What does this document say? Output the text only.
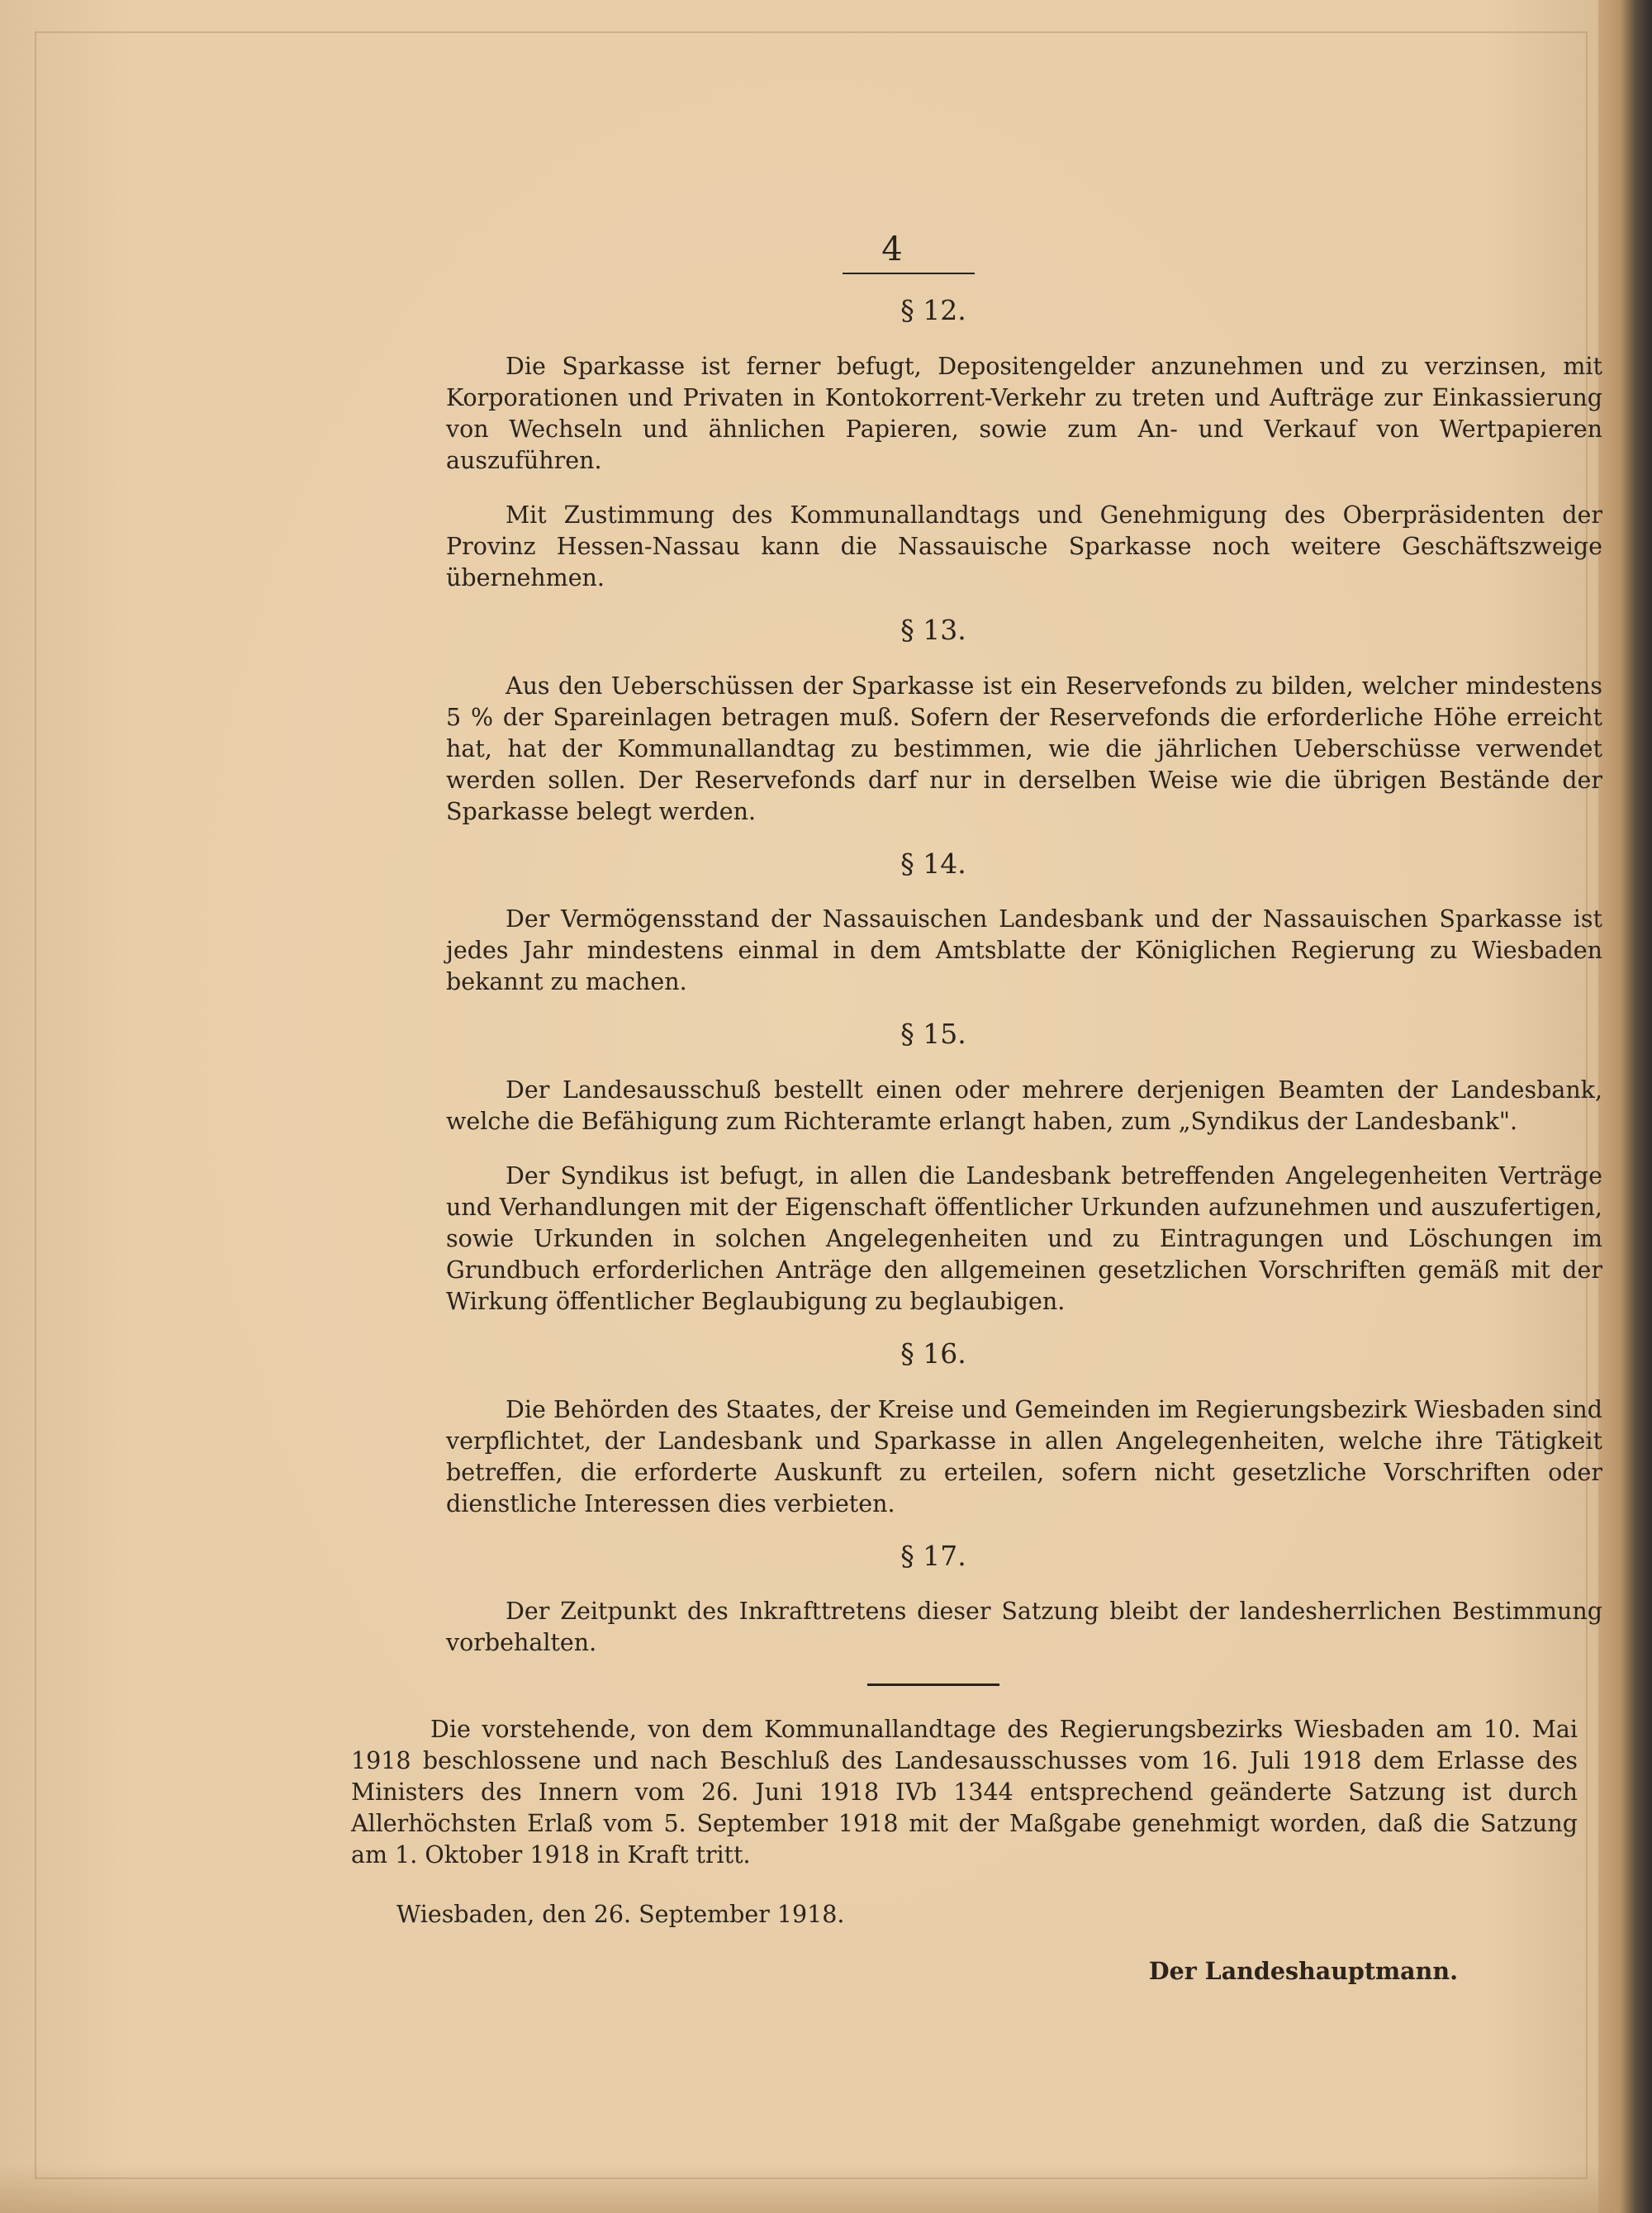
4
§ 12.

Die Sparkasse ist ferner befugt, Depositengelder anzunehmen und zu verzinsen, mit Korporationen und Privaten in Kontokorrent-Verkehr zu treten und Aufträge zur Einkassierung von Wechseln und ähnlichen Papieren, sowie zum An- und Verkauf von Wertpapieren auszuführen.

Mit Zustimmung des Kommunallandtags und Genehmigung des Oberpräsidenten der Provinz Hessen-Nassau kann die Nassauische Sparkasse noch weitere Geschäftszweige übernehmen.

§ 13.

Aus den Ueberschüssen der Sparkasse ist ein Reservefonds zu bilden, welcher mindestens 5 % der Spareinlagen betragen muß. Sofern der Reservefonds die erforderliche Höhe erreicht hat, hat der Kommunallandtag zu bestimmen, wie die jährlichen Ueberschüsse verwendet werden sollen. Der Reservefonds darf nur in derselben Weise wie die übrigen Bestände der Sparkasse belegt werden.

§ 14.

Der Vermögensstand der Nassauischen Landesbank und der Nassauischen Sparkasse ist jedes Jahr mindestens einmal in dem Amtsblatte der Königlichen Regierung zu Wiesbaden bekannt zu machen.

§ 15.

Der Landesausschuß bestellt einen oder mehrere derjenigen Beamten der Landesbank, welche die Befähigung zum Richteramte erlangt haben, zum „Syndikus der Landesbank".

Der Syndikus ist befugt, in allen die Landesbank betreffenden Angelegenheiten Verträge und Verhandlungen mit der Eigenschaft öffentlicher Urkunden aufzunehmen und auszufertigen, sowie Urkunden in solchen Angelegenheiten und zu Eintragungen und Löschungen im Grundbuch erforderlichen Anträge den allgemeinen gesetzlichen Vorschriften gemäß mit der Wirkung öffentlicher Beglaubigung zu beglaubigen.

§ 16.

Die Behörden des Staates, der Kreise und Gemeinden im Regierungsbezirk Wiesbaden sind verpflichtet, der Landesbank und Sparkasse in allen Angelegenheiten, welche ihre Tätigkeit betreffen, die erforderte Auskunft zu erteilen, sofern nicht gesetzliche Vorschriften oder dienstliche Interessen dies verbieten.

§ 17.

Der Zeitpunkt des Inkrafttretens dieser Satzung bleibt der landesherrlichen Bestimmung vorbehalten.

Die vorstehende, von dem Kommunallandtage des Regierungsbezirks Wiesbaden am 10. Mai 1918 beschlossene und nach Beschluß des Landesausschusses vom 16. Juli 1918 dem Erlasse des Ministers des Innern vom 26. Juni 1918 IVb 1344 entsprechend geänderte Satzung ist durch Allerhöchsten Erlaß vom 5. September 1918 mit der Maßgabe genehmigt worden, daß die Satzung am 1. Oktober 1918 in Kraft tritt.

Wiesbaden, den 26. September 1918.
Der Landeshauptmann.
